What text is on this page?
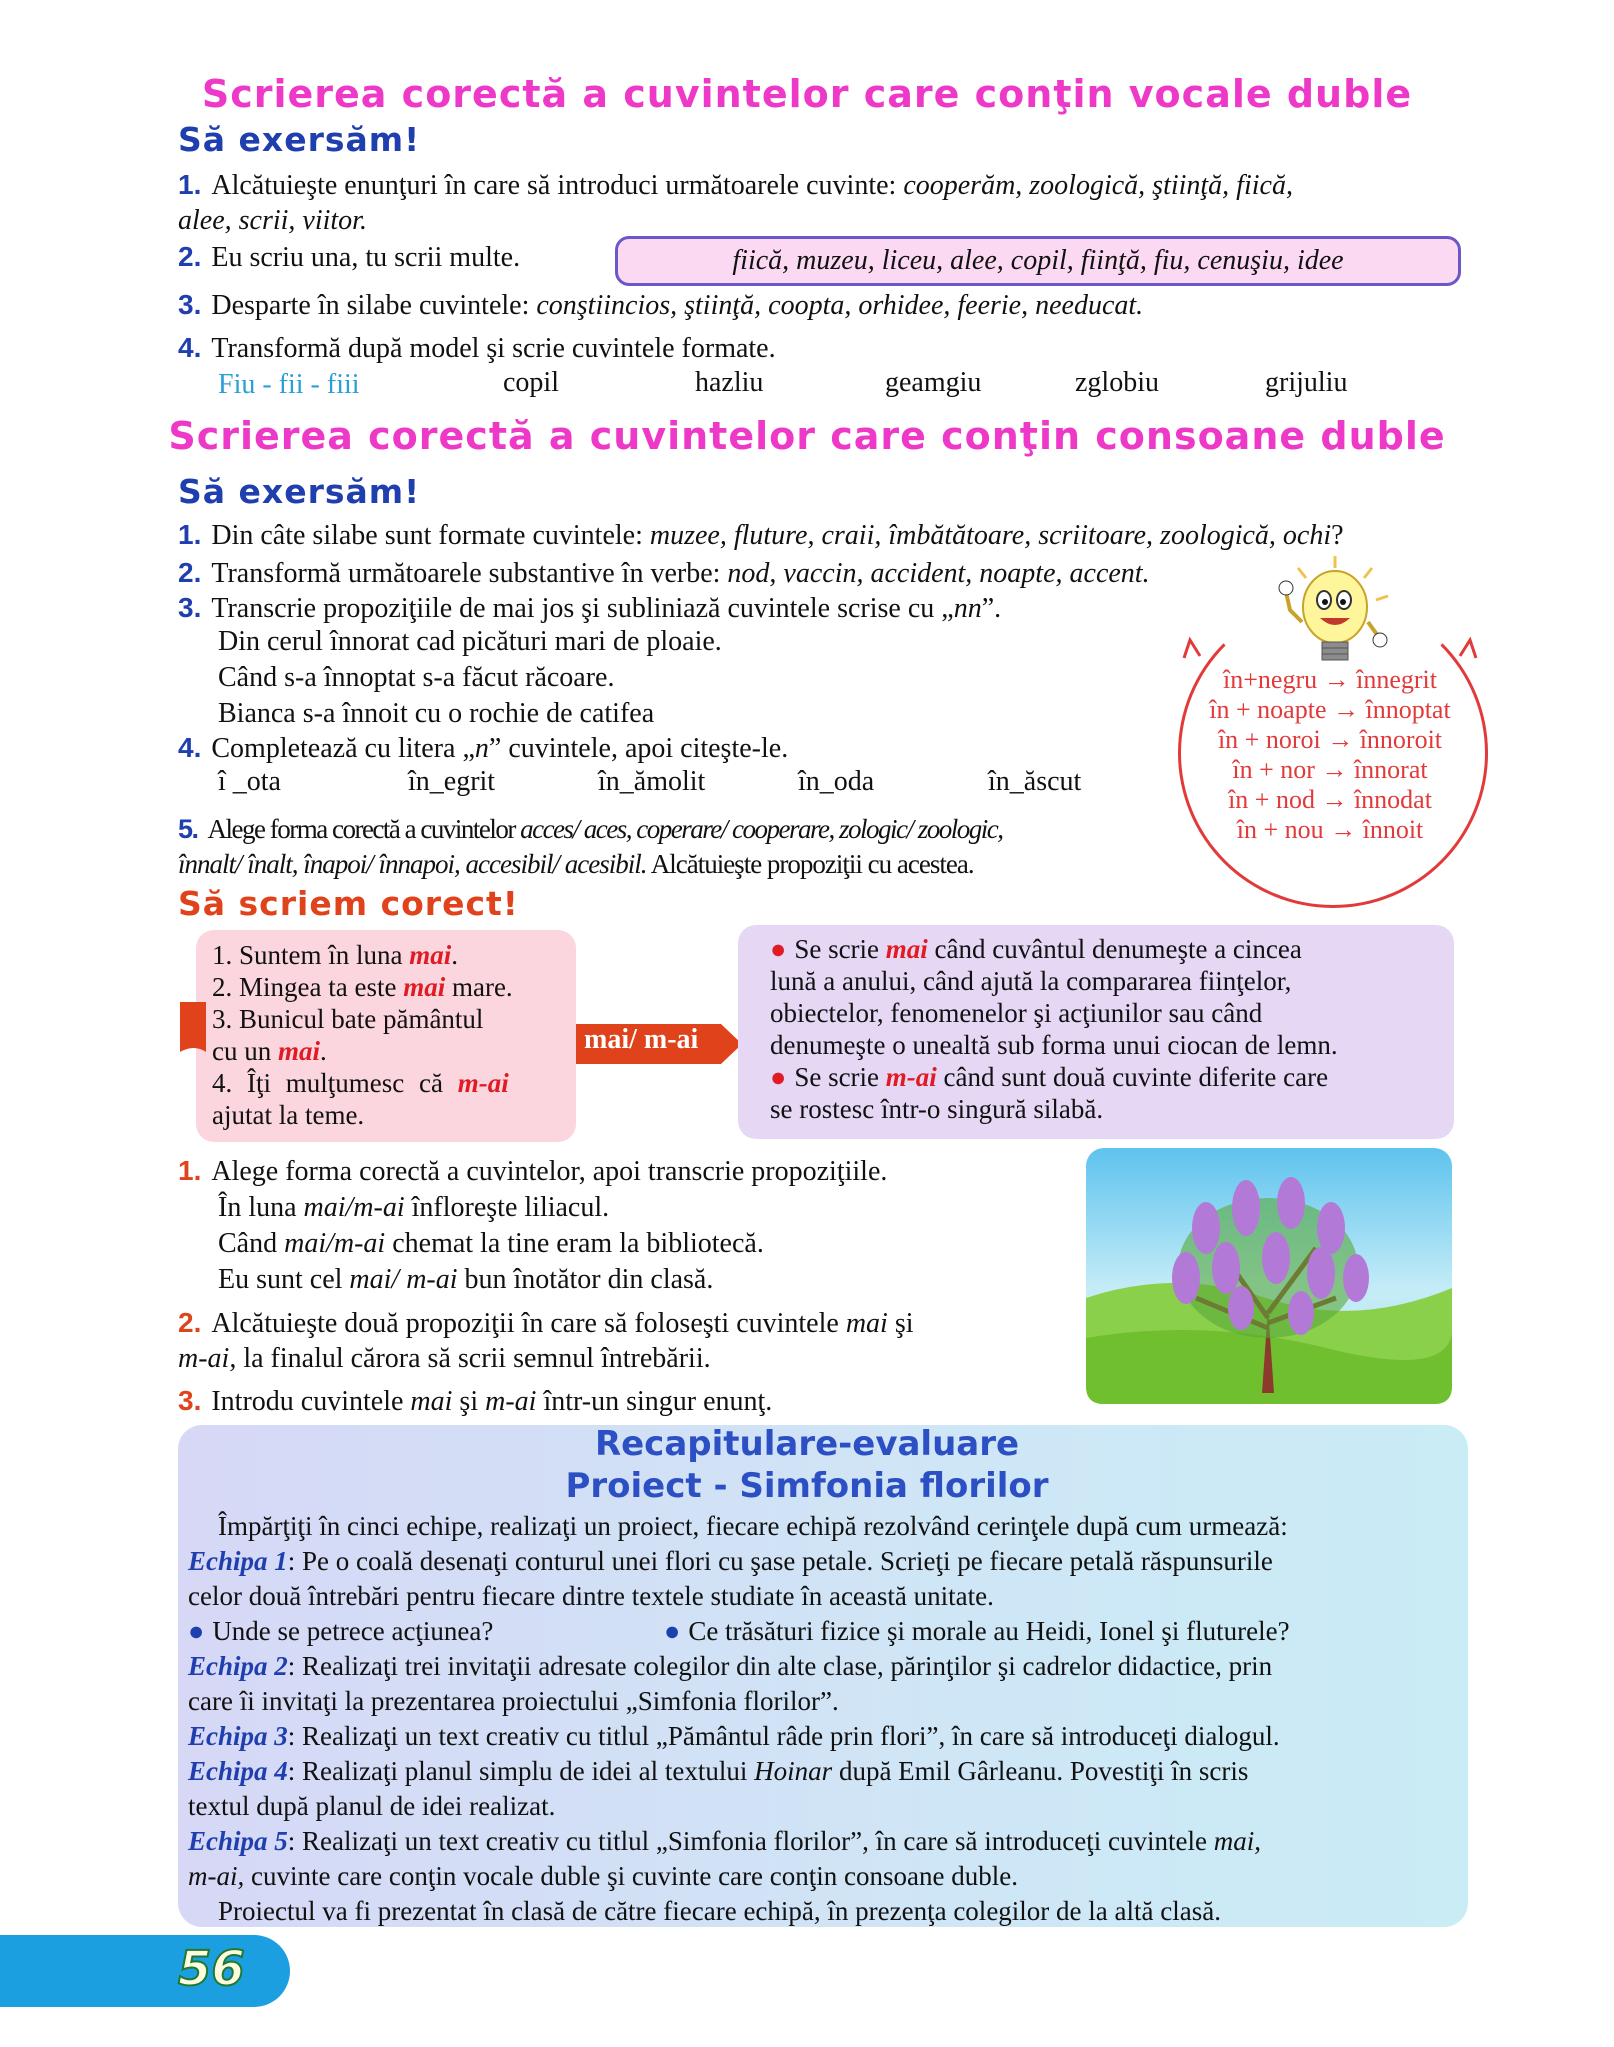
Scrierea corectă a cuvintelor care conţin vocale duble
Să exersăm!
1. Alcătuieşte enunţuri în care să introduci următoarele cuvinte: cooperăm, zoologică, ştiinţă, fiică,
alee, scrii, viitor.
2. Eu scriu una, tu scrii multe.	fiică, muzeu, liceu, alee, copil, fiinţă, fiu, cenuşiu, idee
3. Desparte în silabe cuvintele: conştiincios, ştiinţă, coopta, orhidee, feerie, needucat.
4. Transformă după model şi scrie cuvintele formate.
Fiu - fii - fiii	copil	hazliu	geamgiu	zglobiu	grijuliu
Scrierea corectă a cuvintelor care conţin consoane duble
Să exersăm!
1. Din câte silabe sunt formate cuvintele: muzee, fluture, craii, îmbătătoare, scriitoare, zoologică, ochi?
2. Transformă următoarele substantive în verbe: nod, vaccin, accident, noapte, accent.
3. Transcrie propoziţiile de mai jos şi subliniază cuvintele scrise cu „nn”.
Din cerul înnorat cad picături mari de ploaie.
Când s-a înnoptat s-a făcut răcoare.
Bianca s-a înnoit cu o rochie de catifea
4. Completează cu litera „n” cuvintele, apoi citeşte-le.
î _ota	în_egrit	în_ămolit	în_oda	în_ăscut
5. Alege forma corectă a cuvintelor acces/ aces, coperare/ cooperare, zologic/ zoologic,
înnalt/ înalt, înapoi/ înnapoi, accesibil/ acesibil. Alcătuieşte propoziţii cu acestea.
în+negru → înnegrit
în + noapte → înnoptat
în + noroi → înnoroit
în + nor → înnorat
în + nod → înnodat
în + nou → înnoit
Să scriem corect!
1. Suntem în luna mai.
2. Mingea ta este mai mare.
3. Bunicul bate pământul
cu un mai.
4. Îţi mulţumesc că m-ai
ajutat la teme.
mai/ m-ai
● Se scrie mai când cuvântul denumeşte a cincea
lună a anului, când ajută la compararea fiinţelor,
obiectelor, fenomenelor şi acţiunilor sau când
denumeşte o unealtă sub forma unui ciocan de lemn.
● Se scrie m-ai când sunt două cuvinte diferite care
se rostesc într-o singură silabă.
1. Alege forma corectă a cuvintelor, apoi transcrie propoziţiile.
În luna mai/m-ai înfloreşte liliacul.
Când mai/m-ai chemat la tine eram la bibliotecă.
Eu sunt cel mai/ m-ai bun înotător din clasă.
2. Alcătuieşte două propoziţii în care să foloseşti cuvintele mai şi
m-ai, la finalul cărora să scrii semnul întrebării.
3. Introdu cuvintele mai şi m-ai într-un singur enunţ.
Recapitulare-evaluare
Proiect - Simfonia florilor
Împărţiţi în cinci echipe, realizaţi un proiect, fiecare echipă rezolvând cerinţele după cum urmează:
Echipa 1: Pe o coală desenaţi conturul unei flori cu şase petale. Scrieţi pe fiecare petală răspunsurile
celor două întrebări pentru fiecare dintre textele studiate în această unitate.
● Unde se petrece acţiunea?	● Ce trăsături fizice şi morale au Heidi, Ionel şi fluturele?
Echipa 2: Realizaţi trei invitaţii adresate colegilor din alte clase, părinţilor şi cadrelor didactice, prin
care îi invitaţi la prezentarea proiectului „Simfonia florilor”.
Echipa 3: Realizaţi un text creativ cu titlul „Pământul râde prin flori”, în care să introduceţi dialogul.
Echipa 4: Realizaţi planul simplu de idei al textului Hoinar după Emil Gârleanu. Povestiţi în scris
textul după planul de idei realizat.
Echipa 5: Realizaţi un text creativ cu titlul „Simfonia florilor”, în care să introduceţi cuvintele mai,
m-ai, cuvinte care conţin vocale duble şi cuvinte care conţin consoane duble.
Proiectul va fi prezentat în clasă de către fiecare echipă, în prezenţa colegilor de la altă clasă.
56
